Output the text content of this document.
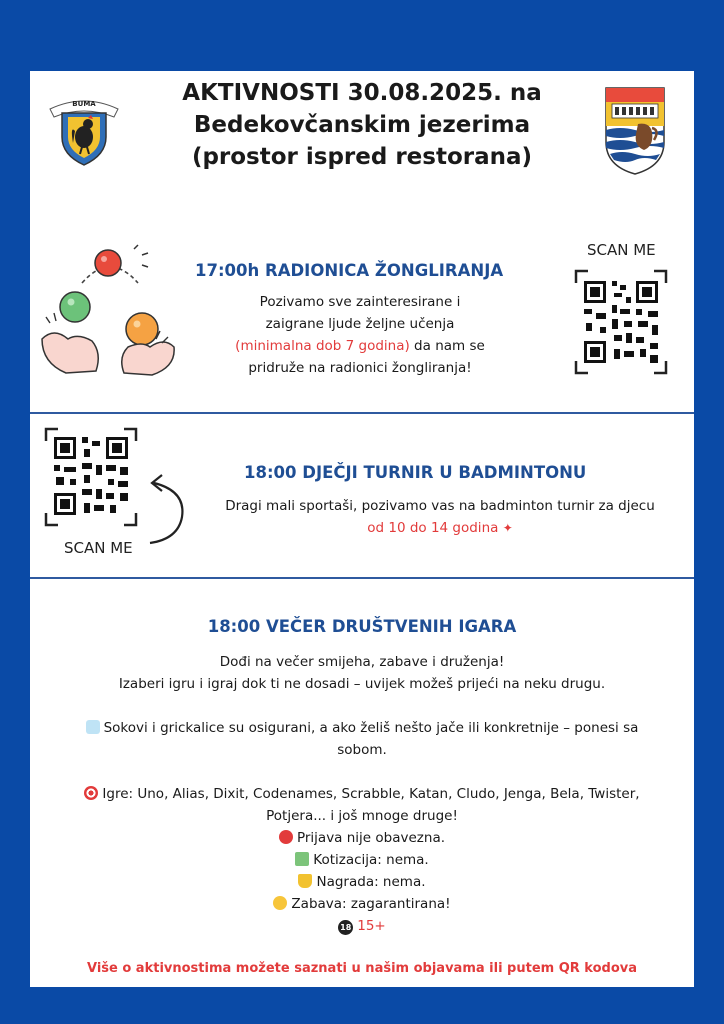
BUMA	AKTIVNOSTI 30.08.2025. na
Bedekovčanskim jezerima
(prostor ispred restorana)
17:00h RADIONICA ŽONGLIRANJA
Pozivamo sve zainteresirane i
zaigrane ljude željne učenja
(minimalna dob 7 godina) da nam se
pridruže na radionici žongliranja!
SCAN ME
SCAN ME
18:00 DJEČJI TURNIR U BADMINTONU
Dragi mali sportaši, pozivamo vas na badminton turnir za djecu
od 10 do 14 godina ✦
18:00 VEČER DRUŠTVENIH IGARA
Dođi na večer smijeha, zabave i druženja!
Izaberi igru i igraj dok ti ne dosadi – uvijek možeš prijeći na neku drugu.
Sokovi i grickalice su osigurani, a ako želiš nešto jače ili konkretnije – ponesi sa
sobom.
Igre: Uno, Alias, Dixit, Codenames, Scrabble, Katan, Cludo, Jenga, Bela, Twister,
Potjera... i još mnoge druge!
Prijava nije obavezna.
Kotizacija: nema.
Nagrada: nema.
Zabava: zagarantirana!
18 15+
Više o aktivnostima možete saznati u našim objavama ili putem QR kodova
